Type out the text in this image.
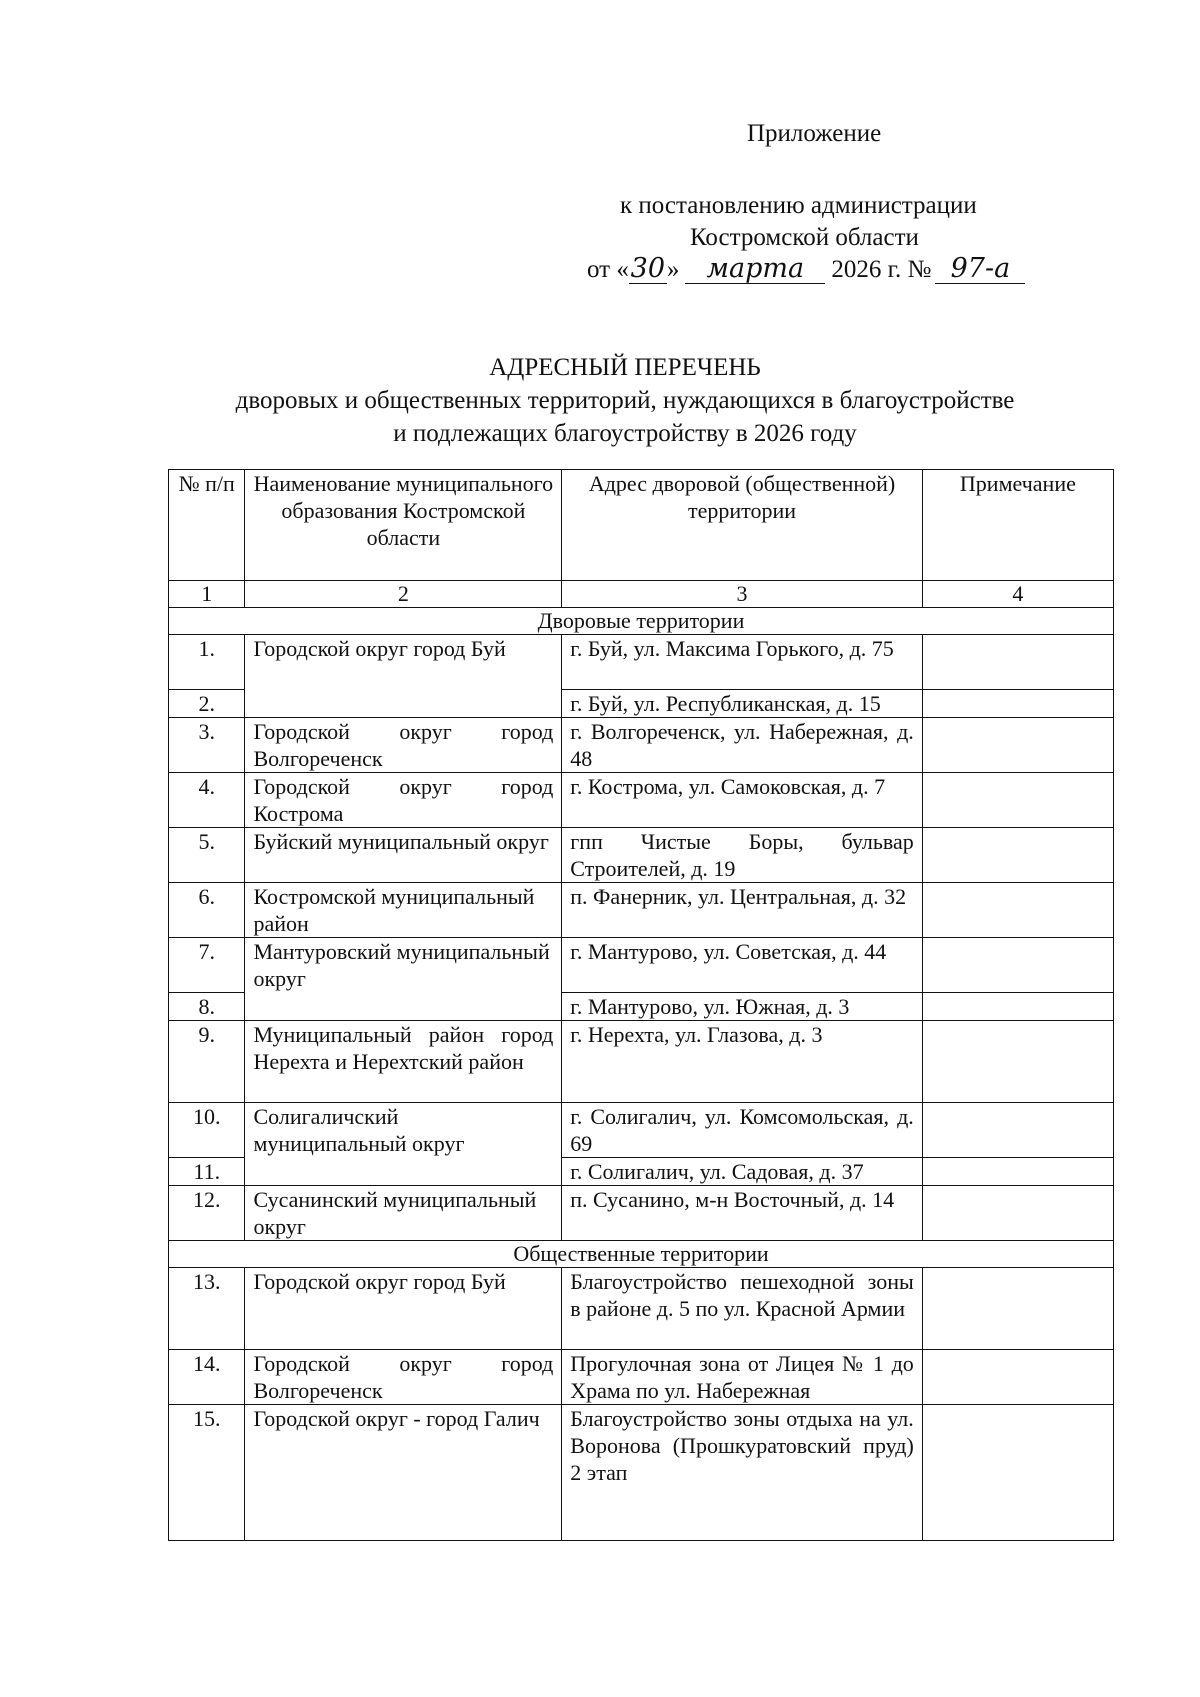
Приложение
к постановлению администрации
Костромской области
от «30» марта 2026 г. № 97-а
АДРЕСНЫЙ ПЕРЕЧЕНЬ
дворовых и общественных территорий, нуждающихся в благоустройстве
и подлежащих благоустройству в 2026 году
№ п/п	Наименование муниципального образования Костромской области	Адрес дворовой (общественной) территории	Примечание
1	2	3	4
Дворовые территории			
1.	Городской округ город Буй	г. Буй, ул. Максима Горького, д. 75	
2.		г. Буй, ул. Республиканская, д. 15	
3.	Городской округ город Волгореченск	г. Волгореченск, ул. Набережная, д. 48	
4.	Городской округ город Кострома	г. Кострома, ул. Самоковская, д. 7	
5.	Буйский муниципальный округ	гпп Чистые Боры, бульвар Строителей, д. 19	
6.	Костромской муниципальный район	п. Фанерник, ул. Центральная, д. 32	
7.	Мантуровский муниципальный округ	г. Мантурово, ул. Советская, д. 44	
8.		г. Мантурово, ул. Южная, д. 3	
9.	Муниципальный район город Нерехта и Нерехтский район	г. Нерехта, ул. Глазова, д. 3	
10.	Солигаличский муниципальный округ	г. Солигалич, ул. Комсомольская, д. 69	
11.		г. Солигалич, ул. Садовая, д. 37	
12.	Сусанинский муниципальный округ	п. Сусанино, м-н Восточный, д. 14	
Общественные территории			
13.	Городской округ город Буй	Благоустройство пешеходной зоны в районе д. 5 по ул. Красной Армии	
14.	Городской округ город Волгореченск	Прогулочная зона от Лицея № 1 до Храма по ул. Набережная	
15.	Городской округ - город Галич	Благоустройство зоны отдыха на ул. Воронова (Прошкуратовский пруд) 2 этап	
